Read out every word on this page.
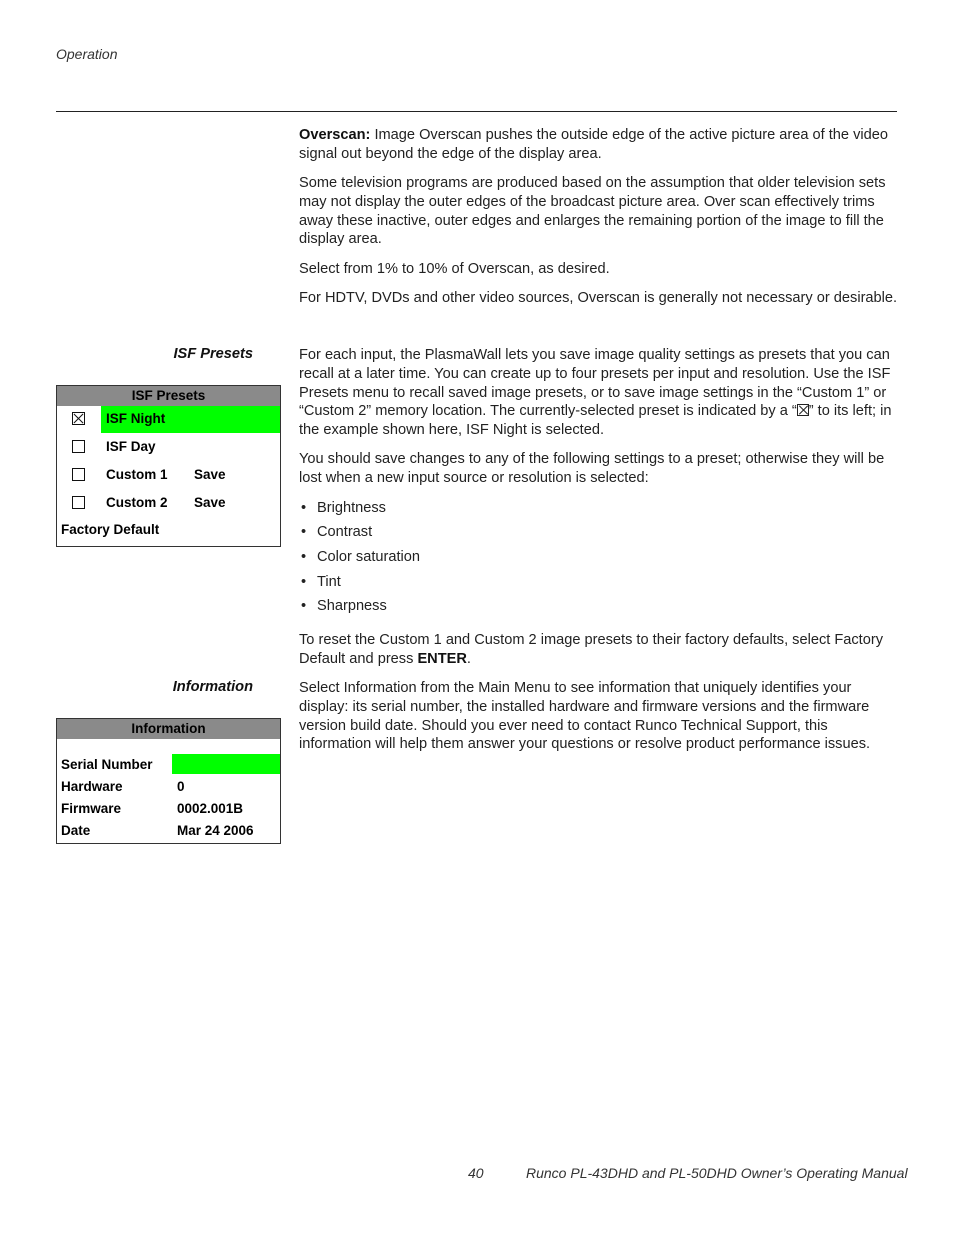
Operation

Overscan: Image Overscan pushes the outside edge of the active picture area of the video signal out beyond the edge of the display area.

Some television programs are produced based on the assumption that older television sets may not display the outer edges of the broadcast picture area. Over scan effectively trims away these inactive, outer edges and enlarges the remaining portion of the image to fill the display area.

Select from 1% to 10% of Overscan, as desired.

For HDTV, DVDs and other video sources, Overscan is generally not necessary or desirable.

ISF Presets	For each input, the PlasmaWall lets you save image quality settings as presets that you can recall at a later time. You can create up to four presets per input and resolution. Use the ISF Presets menu to recall saved image presets, or to save image settings in the “Custom 1” or “Custom 2” memory location. The currently-selected preset is indicated by a “ ” to its left; in the example shown here, ISF Night is selected.

You should save changes to any of the following settings to a preset; otherwise they will be lost when a new input source or resolution is selected:

• Brightness
• Contrast
• Color saturation
• Tint
• Sharpness

To reset the Custom 1 and Custom 2 image presets to their factory defaults, select Factory Default and press ENTER.

ISF Presets
ISF Night
ISF Day
Custom 1 Save
Custom 2 Save
Factory Default
Information	Select Information from the Main Menu to see information that uniquely identifies your display: its serial number, the installed hardware and firmware versions and the firmware version build date. Should you ever need to contact Runco Technical Support, this information will help them answer your questions or resolve product performance issues.

Information
Serial Number
Hardware	0
Firmware	0002.001B
Date	Mar 24 2006
40	Runco PL-43DHD and PL-50DHD Owner’s Operating Manual
